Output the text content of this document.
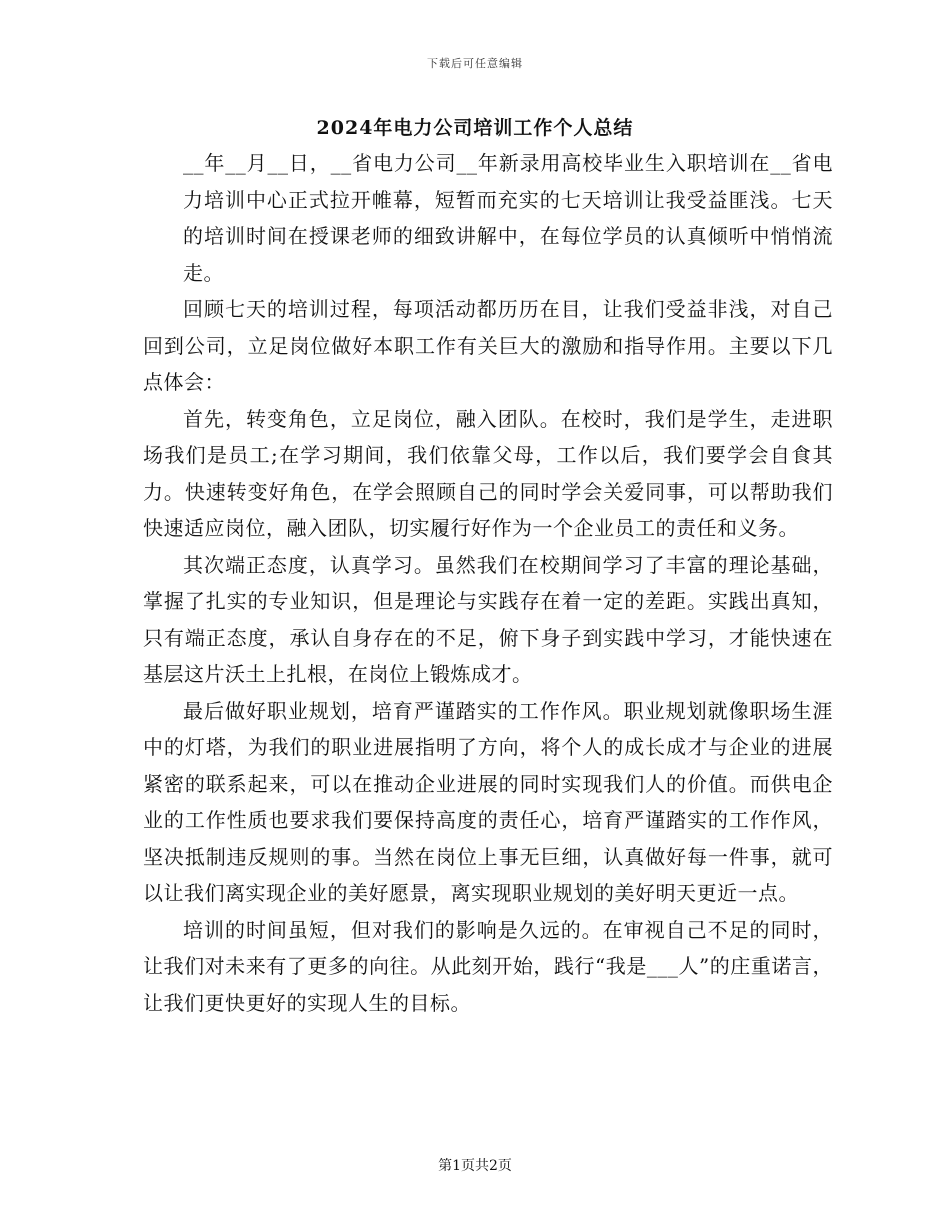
下载后可任意编辑
2024年电力公司培训工作个人总结

__年__月__日，__省电力公司__年新录用高校毕业生入职培训在__省电力培训中心正式拉开帷幕，短暂而充实的七天培训让我受益匪浅。七天的培训时间在授课老师的细致讲解中，在每位学员的认真倾听中悄悄流走。

回顾七天的培训过程，每项活动都历历在目，让我们受益非浅，对自己回到公司，立足岗位做好本职工作有关巨大的激励和指导作用。主要以下几点体会：

首先，转变角色，立足岗位，融入团队。在校时，我们是学生，走进职场我们是员工;在学习期间，我们依靠父母，工作以后，我们要学会自食其力。快速转变好角色，在学会照顾自己的同时学会关爱同事，可以帮助我们快速适应岗位，融入团队，切实履行好作为一个企业员工的责任和义务。

其次端正态度，认真学习。虽然我们在校期间学习了丰富的理论基础，掌握了扎实的专业知识，但是理论与实践存在着一定的差距。实践出真知，只有端正态度，承认自身存在的不足，俯下身子到实践中学习，才能快速在基层这片沃土上扎根，在岗位上锻炼成才。

最后做好职业规划，培育严谨踏实的工作作风。职业规划就像职场生涯中的灯塔，为我们的职业进展指明了方向，将个人的成长成才与企业的进展紧密的联系起来，可以在推动企业进展的同时实现我们人的价值。而供电企业的工作性质也要求我们要保持高度的责任心，培育严谨踏实的工作作风，坚决抵制违反规则的事。当然在岗位上事无巨细，认真做好每一件事，就可以让我们离实现企业的美好愿景，离实现职业规划的美好明天更近一点。

培训的时间虽短，但对我们的影响是久远的。在审视自己不足的同时，让我们对未来有了更多的向往。从此刻开始，践行“我是___人”的庄重诺言，让我们更快更好的实现人生的目标。

第1页共2页
